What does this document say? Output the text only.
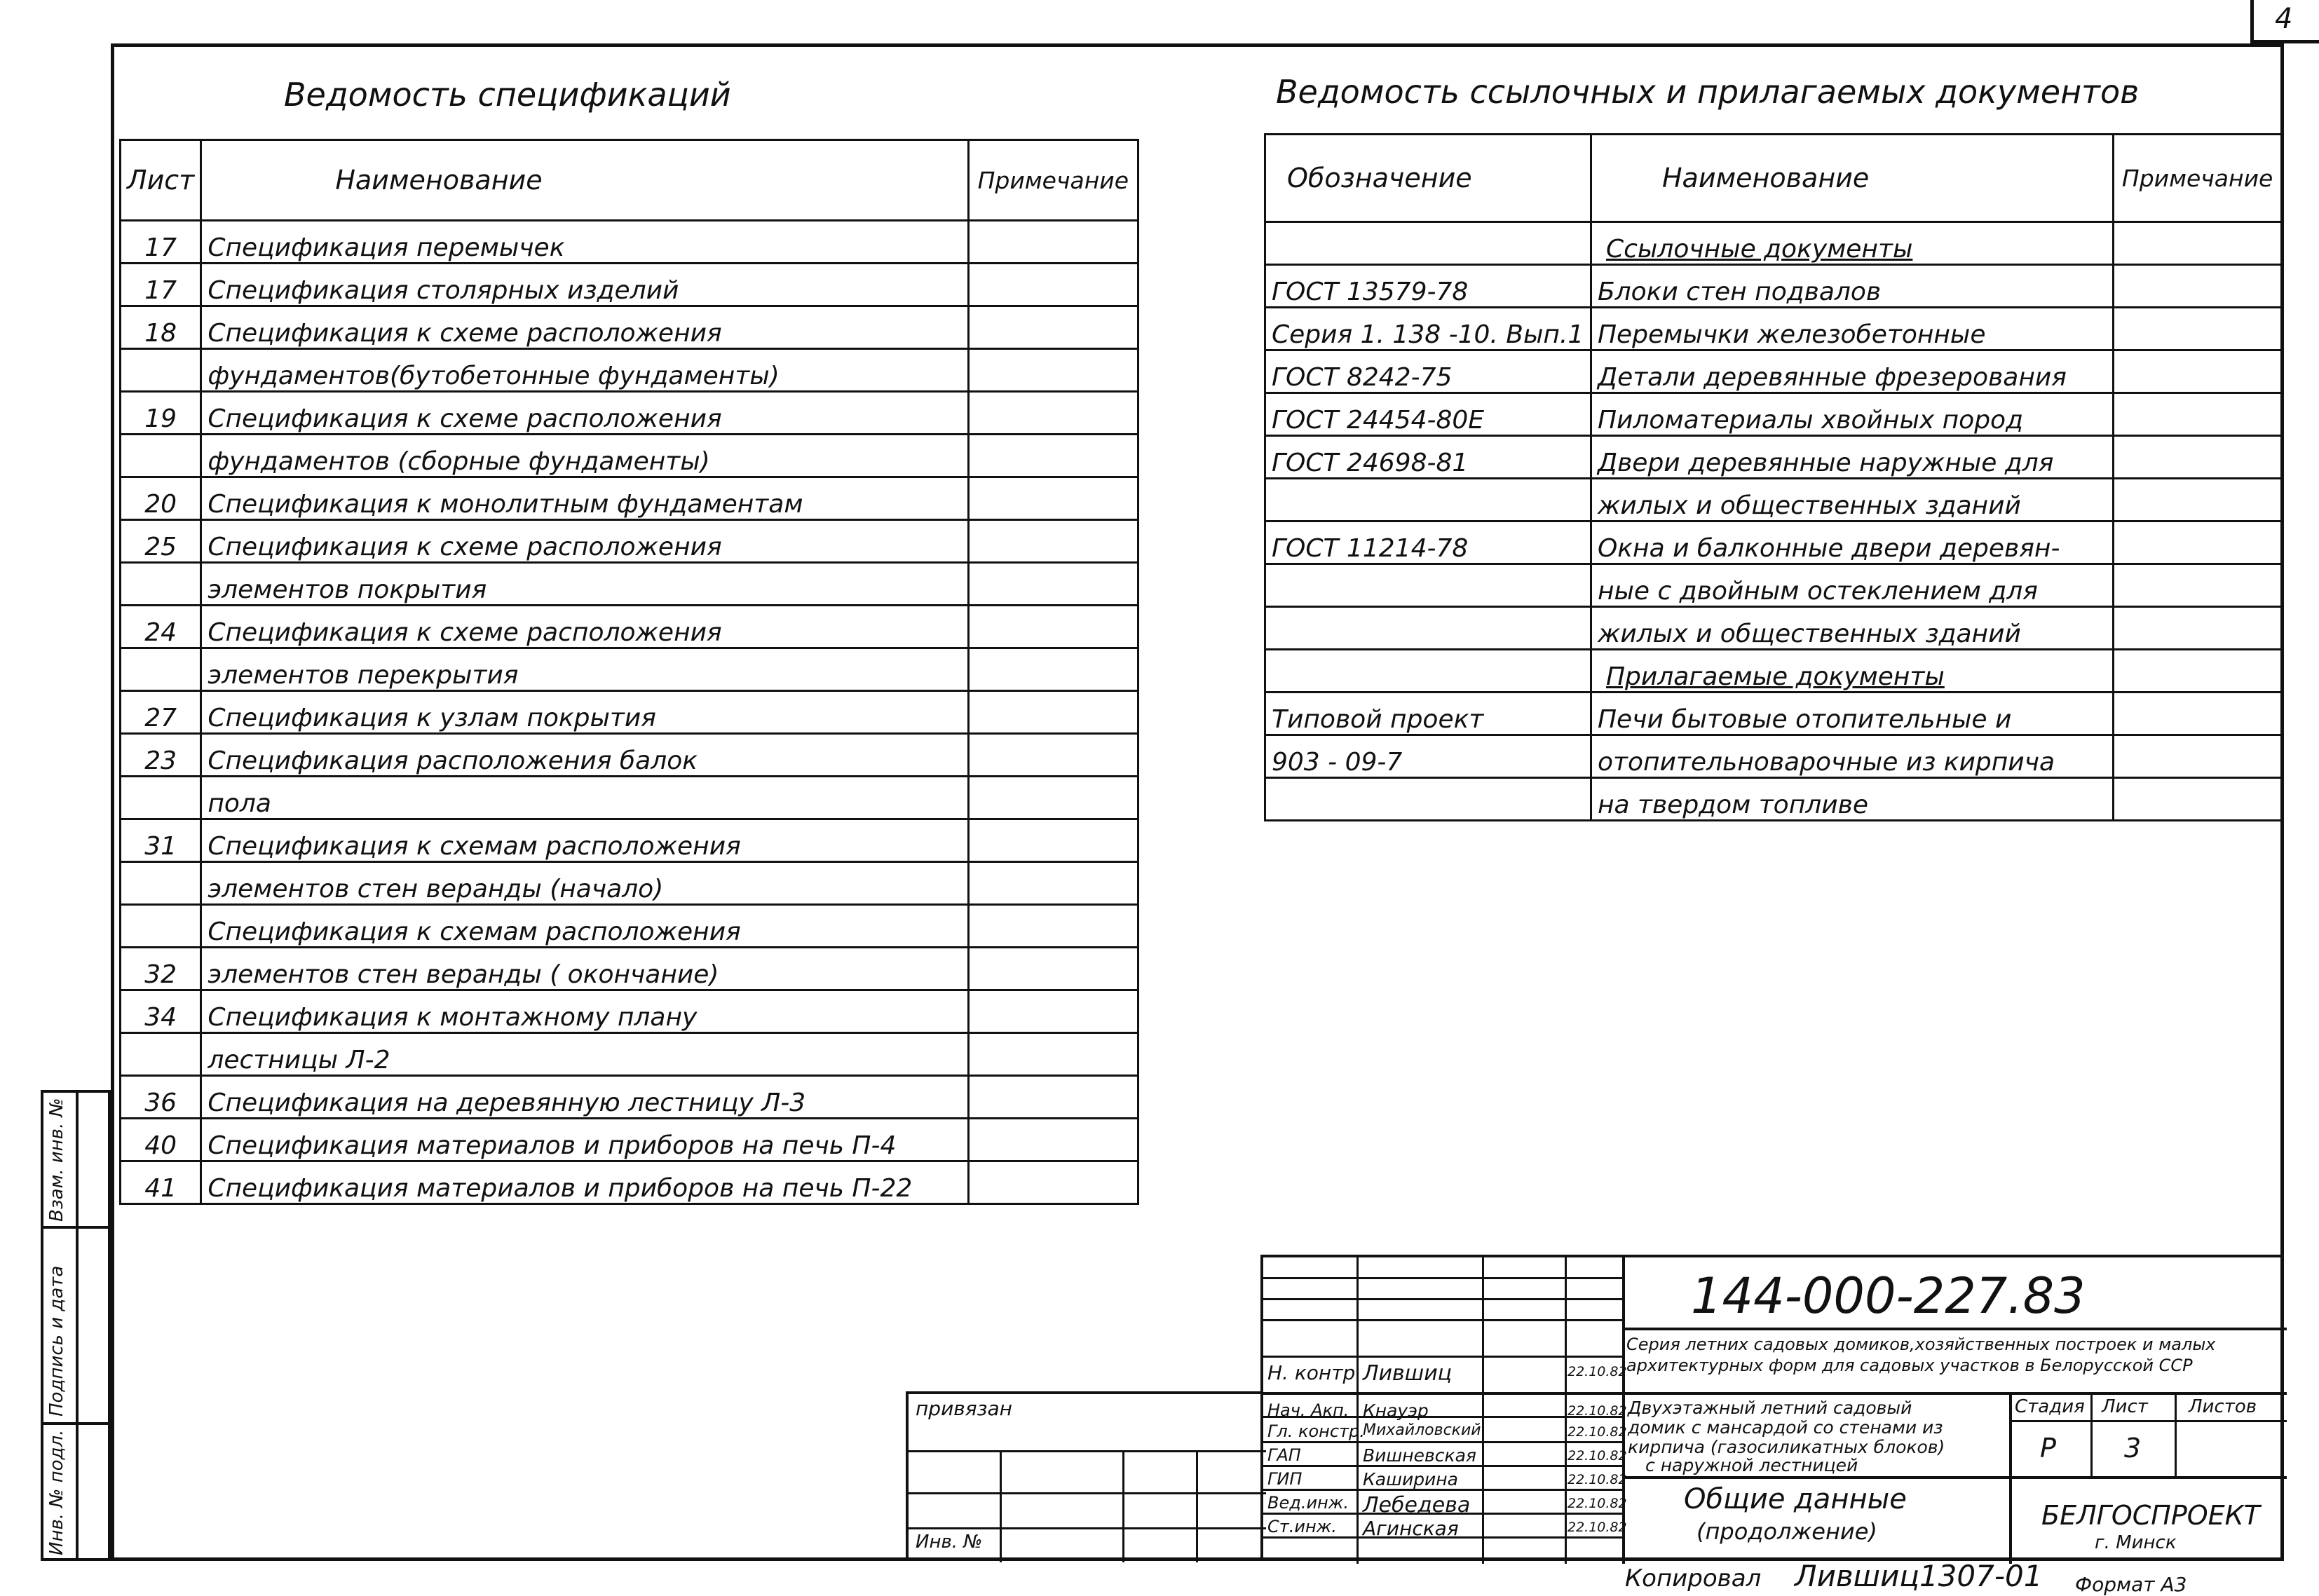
4
Взам. инв. №
Подпись и дата
Инв. № подл.
Ведомость спецификаций
Лист	Наименование	Примечание
17	Спецификация перемычек	
17	Спецификация столярных изделий	
18	Спецификация к схеме расположения	
	фундаментов(бутобетонные фундаменты)	
19	Спецификация к схеме расположения	
	фундаментов (сборные фундаменты)	
20	Спецификация к монолитным фундаментам	
25	Спецификация к схеме расположения	
	элементов покрытия	
24	Спецификация к схеме расположения	
	элементов перекрытия	
27	Спецификация к узлам покрытия	
23	Спецификация расположения балок	
	пола	
31	Спецификация к схемам расположения	
	элементов стен веранды (начало)	
	Спецификация к схемам расположения	
32	элементов стен веранды ( окончание)	
34	Спецификация к монтажному плану	
	лестницы Л-2	
36	Спецификация на деревянную лестницу Л-3	
40	Спецификация материалов и приборов на печь П-4	
41	Спецификация материалов и приборов на печь П-22	
Ведомость ссылочных и прилагаемых документов
Обозначение	Наименование	Примечание
	Ссылочные документы	
ГОСТ 13579-78	Блоки стен подвалов	
Серия 1. 138 -10. Вып.1	Перемычки железобетонные	
ГОСТ 8242-75	Детали деревянные фрезерования	
ГОСТ 24454-80Е	Пиломатериалы хвойных пород	
ГОСТ 24698-81	Двери деревянные наружные для	
	жилых и общественных зданий	
ГОСТ 11214-78	Окна и балконные двери деревян-	
	ные с двойным остеклением для	
	жилых и общественных зданий	
	Прилагаемые документы	
Типовой проект	Печи бытовые отопительные и	
903 - 09-7	отопительноварочные из кирпича	
	на твердом топливе	
привязан
Инв. №
144-000-227.83
Серия летних садовых домиков,хозяйственных построек и малых
архитектурных форм для садовых участков в Белорусской ССР
Двухэтажный летний садовый
домик с мансардой со стенами из
кирпича (газосиликатных блоков)
с наружной лестницей
Стадия Лист Листов
Р	3
Общие данные
(продолжение)
БЕЛГОСПРОЕКТ
г. Минск
Н. контр Лившиц	22.10.82
Нач. Акп. Кнауэр	22.10.82
Гл. констр.
Михайловский	22.10.82
ГАП	Вишневская	22.10.82
ГИП	Каширина	22.10.82
Вед.инж. Лебедева	22.10.82
Ст.инж. Агинская	22.10.82
Копировал Лившиц1307-01 Формат А3
